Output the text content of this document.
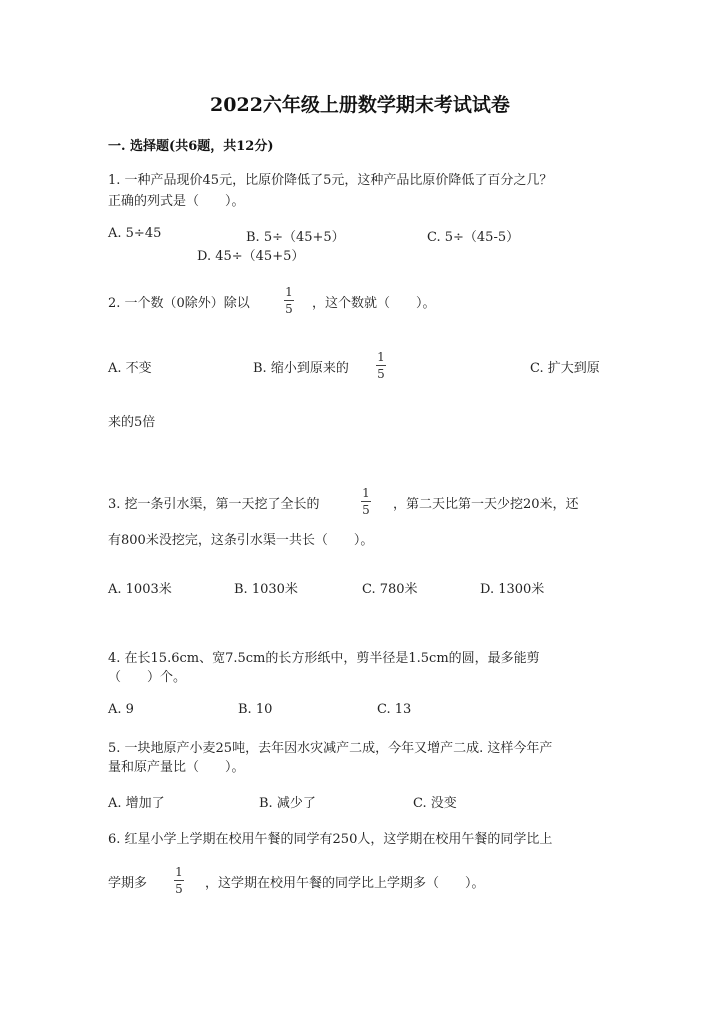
2022六年级上册数学期末考试试卷
一. 选择题(共6题，共12分)
1. 一种产品现价45元，比原价降低了5元，这种产品比原价降低了百分之几？
正确的列式是（　　）。
A. 5÷45	B. 5÷（45+5）	C. 5÷（45-5）
D. 45÷（45+5）
2. 一个数（0除外）除以
1
5 ，这个数就（　　）。
A. 不变	B. 缩小到原来的
1
5	C. 扩大到原
来的5倍
3. 挖一条引水渠，第一天挖了全长的
1
5 ，第二天比第一天少挖20米，还
有800米没挖完，这条引水渠一共长（　　）。
A. 1003米	B. 1030米	C. 780米	D. 1300米
4. 在长15.6cm、宽7.5cm的长方形纸中，剪半径是1.5cm的圆，最多能剪
（　　）个。
A. 9	B. 10	C. 13
5. 一块地原产小麦25吨，去年因水灾减产二成，今年又增产二成. 这样今年产
量和原产量比（　　）。
A. 增加了	B. 减少了	C. 没变
6. 红星小学上学期在校用午餐的同学有250人，这学期在校用午餐的同学比上
学期多
1
5 ，这学期在校用午餐的同学比上学期多（　　）。
